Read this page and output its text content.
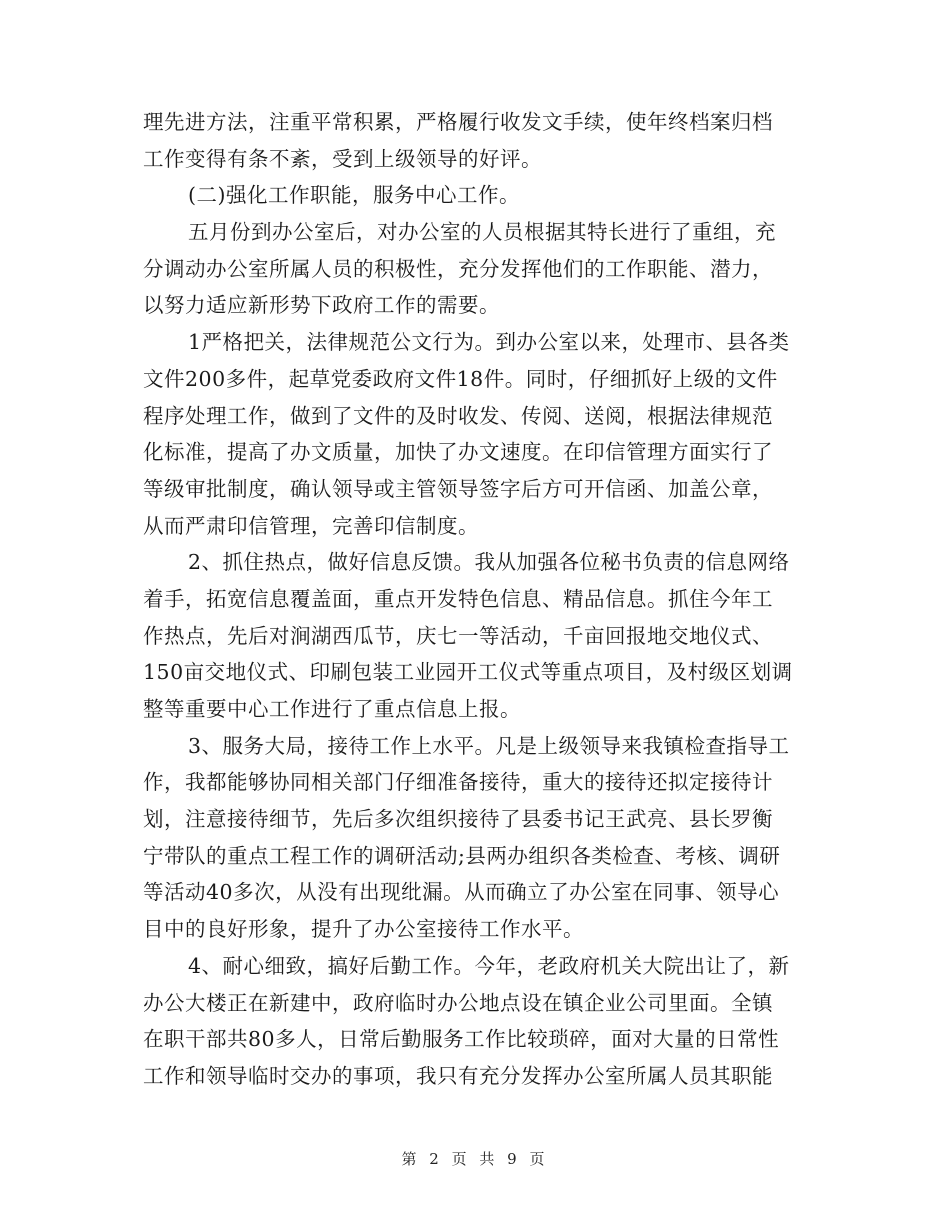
理先进方法，注重平常积累，严格履行收发文手续，使年终档案归档
工作变得有条不紊，受到上级领导的好评。
(二)强化工作职能，服务中心工作。
五月份到办公室后，对办公室的人员根据其特长进行了重组，充
分调动办公室所属人员的积极性，充分发挥他们的工作职能、潜力，
以努力适应新形势下政府工作的需要。
1严格把关，法律规范公文行为。到办公室以来，处理市、县各类
文件200多件，起草党委政府文件18件。同时，仔细抓好上级的文件
程序处理工作，做到了文件的及时收发、传阅、送阅，根据法律规范
化标准，提高了办文质量，加快了办文速度。在印信管理方面实行了
等级审批制度，确认领导或主管领导签字后方可开信函、加盖公章，
从而严肃印信管理，完善印信制度。
2、抓住热点，做好信息反馈。我从加强各位秘书负责的信息网络
着手，拓宽信息覆盖面，重点开发特色信息、精品信息。抓住今年工
作热点，先后对涧湖西瓜节，庆七一等活动，千亩回报地交地仪式、
150亩交地仪式、印刷包装工业园开工仪式等重点项目，及村级区划调
整等重要中心工作进行了重点信息上报。
3、服务大局，接待工作上水平。凡是上级领导来我镇检查指导工
作，我都能够协同相关部门仔细准备接待，重大的接待还拟定接待计
划，注意接待细节，先后多次组织接待了县委书记王武亮、县长罗衡
宁带队的重点工程工作的调研活动;县两办组织各类检查、考核、调研
等活动40多次，从没有出现纰漏。从而确立了办公室在同事、领导心
目中的良好形象，提升了办公室接待工作水平。
4、耐心细致，搞好后勤工作。今年，老政府机关大院出让了，新
办公大楼正在新建中，政府临时办公地点设在镇企业公司里面。全镇
在职干部共80多人，日常后勤服务工作比较琐碎，面对大量的日常性
工作和领导临时交办的事项，我只有充分发挥办公室所属人员其职能
第 2 页 共 9 页
